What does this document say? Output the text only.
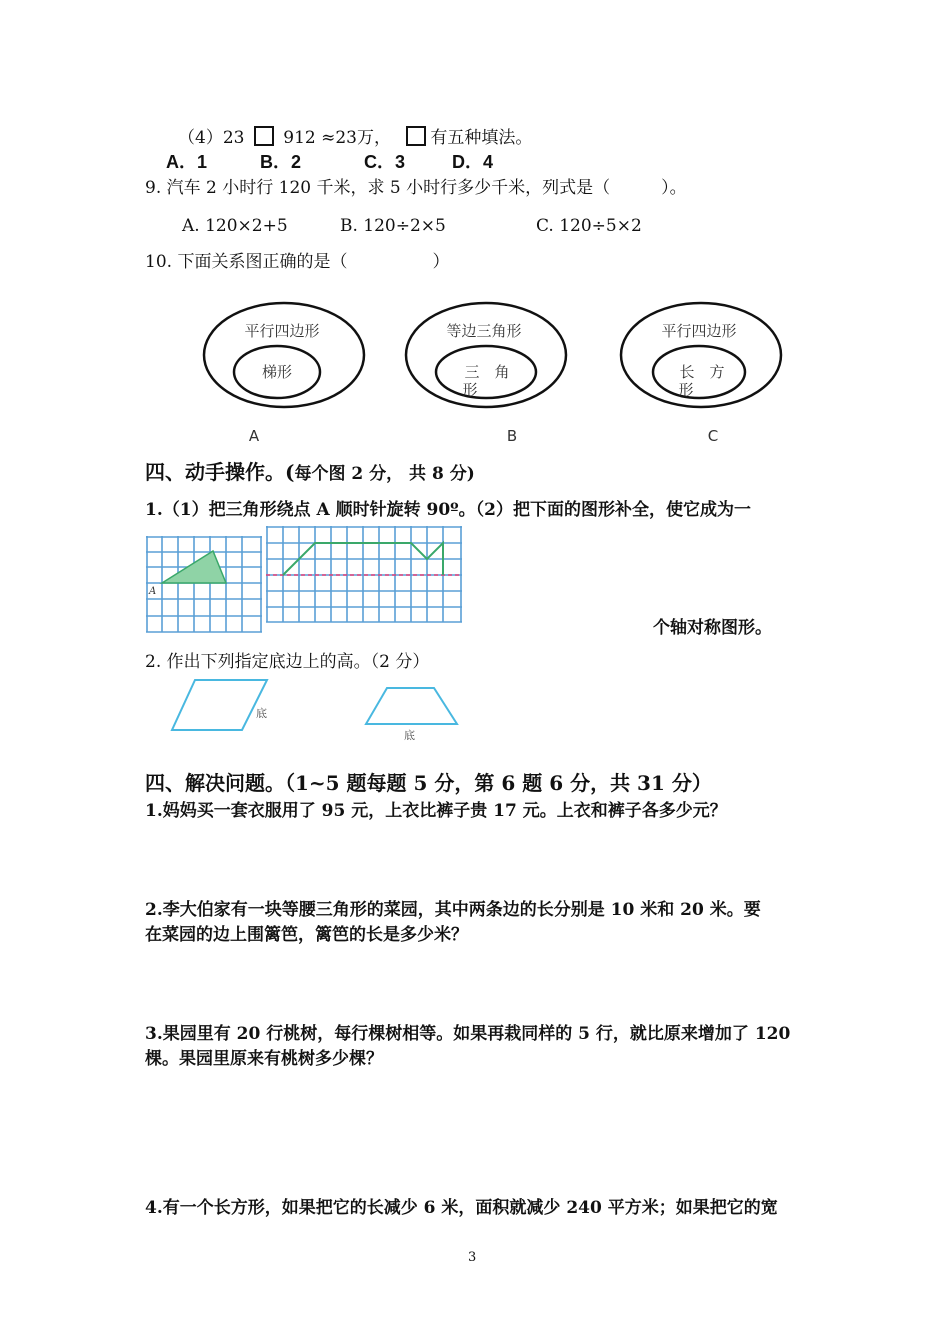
（4）23 912 ≈23万， 有五种填法。
A．1	B．2	C．3	D．4
9. 汽车 2 小时行 120 千米，求 5 小时行多少千米，列式是（　　　）。
A. 120×2+5	B. 120÷2×5	C. 120÷5×2
10. 下面关系图正确的是（　　　　　）
平行四边形
梯形
A
等边三角形
三　角
形
B
平行四边形
长　方
形
C
四、动手操作。(每个图 2 分， 共 8 分)
1.（1）把三角形绕点 A 顺时针旋转 90º。（2）把下面的图形补全，使它成为一
A
个轴对称图形。
2. 作出下列指定底边上的高。（2 分）
底
底
四、解决问题。（1~5 题每题 5 分，第 6 题 6 分，共 31 分）
1.妈妈买一套衣服用了 95 元，上衣比裤子贵 17 元。上衣和裤子各多少元？
2.李大伯家有一块等腰三角形的菜园，其中两条边的长分别是 10 米和 20 米。要
在菜园的边上围篱笆，篱笆的长是多少米？
3.果园里有 20 行桃树，每行棵树相等。如果再栽同样的 5 行，就比原来增加了 120
棵。果园里原来有桃树多少棵？
4.有一个长方形，如果把它的长减少 6 米，面积就减少 240 平方米；如果把它的宽
3
